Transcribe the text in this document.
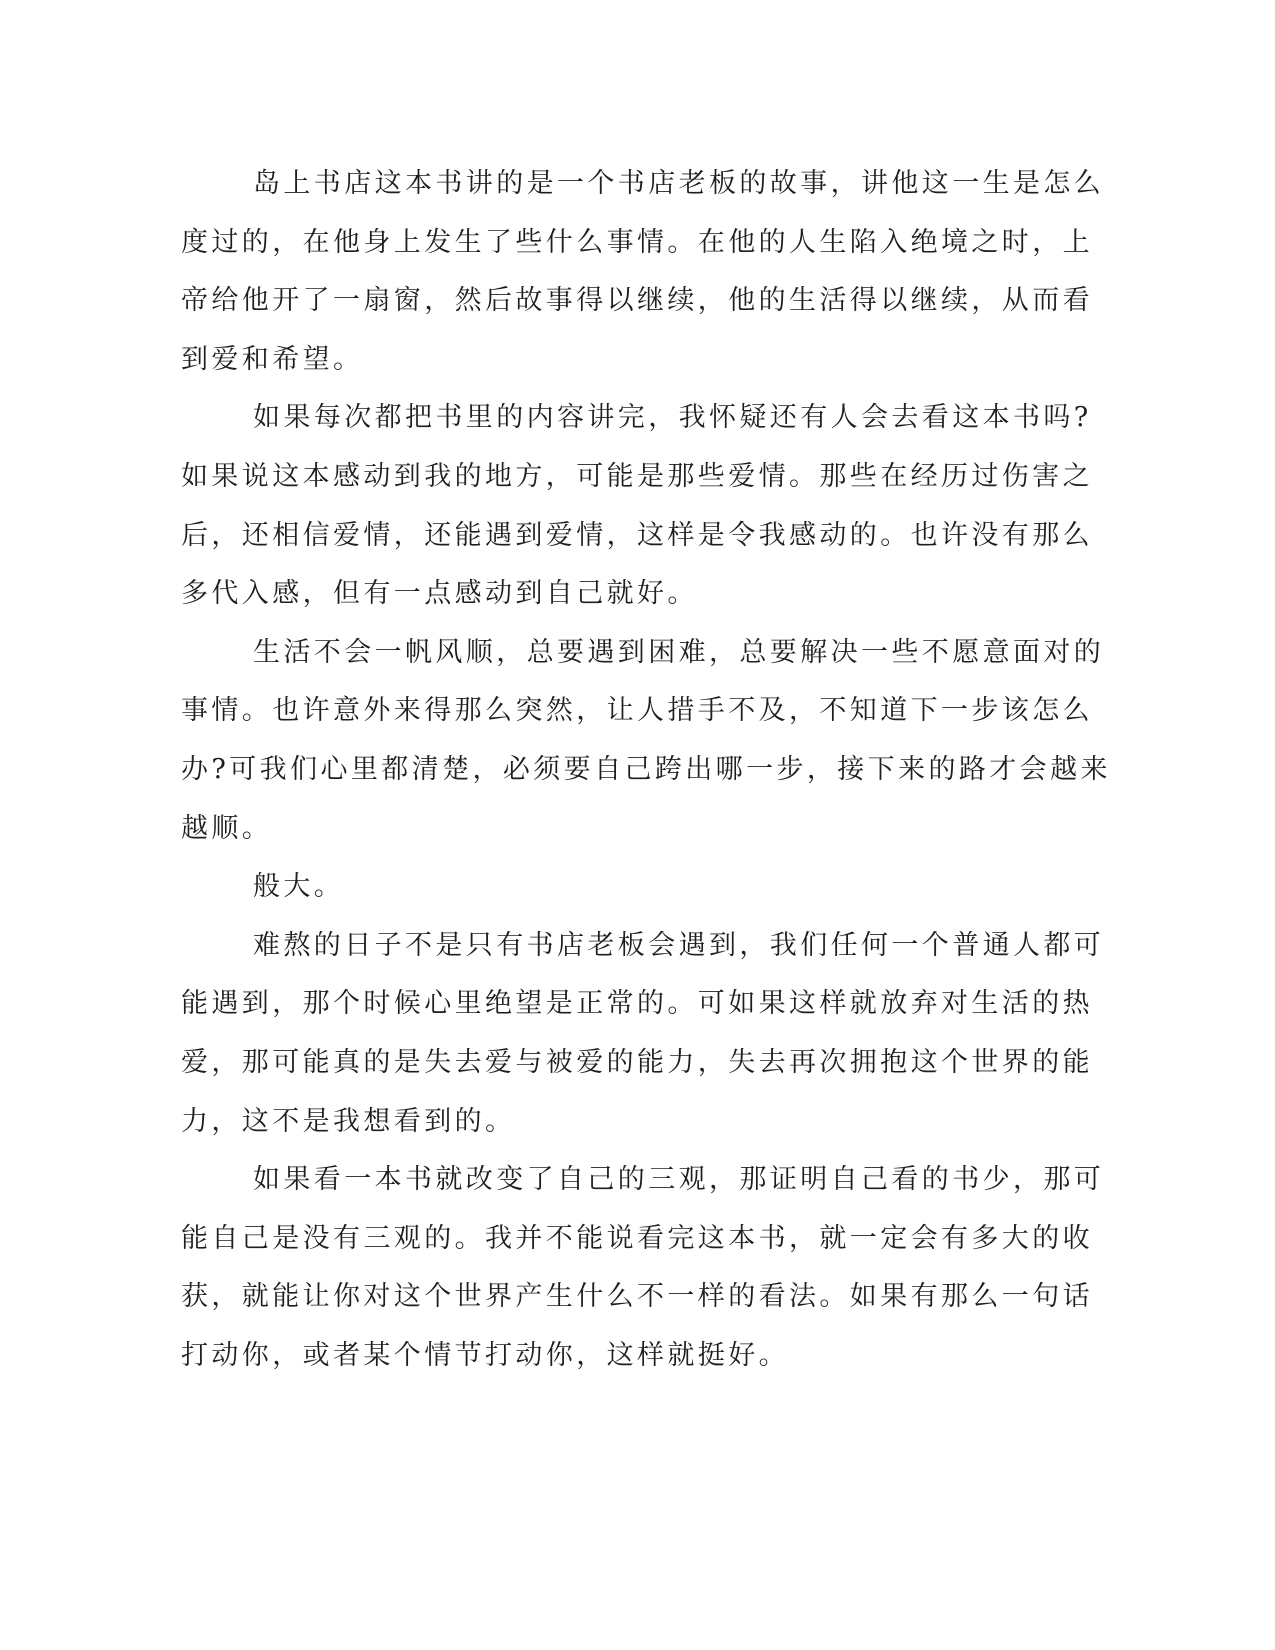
岛上书店这本书讲的是一个书店老板的故事，讲他这一生是怎么
度过的，在他身上发生了些什么事情。在他的人生陷入绝境之时，上
帝给他开了一扇窗，然后故事得以继续，他的生活得以继续，从而看
到爱和希望。
如果每次都把书里的内容讲完，我怀疑还有人会去看这本书吗?
如果说这本感动到我的地方，可能是那些爱情。那些在经历过伤害之
后，还相信爱情，还能遇到爱情，这样是令我感动的。也许没有那么
多代入感，但有一点感动到自己就好。
生活不会一帆风顺，总要遇到困难，总要解决一些不愿意面对的
事情。也许意外来得那么突然，让人措手不及，不知道下一步该怎么
办?可我们心里都清楚，必须要自己跨出哪一步，接下来的路才会越来
越顺。
般大。
难熬的日子不是只有书店老板会遇到，我们任何一个普通人都可
能遇到，那个时候心里绝望是正常的。可如果这样就放弃对生活的热
爱，那可能真的是失去爱与被爱的能力，失去再次拥抱这个世界的能
力，这不是我想看到的。
如果看一本书就改变了自己的三观，那证明自己看的书少，那可
能自己是没有三观的。我并不能说看完这本书，就一定会有多大的收
获，就能让你对这个世界产生什么不一样的看法。如果有那么一句话
打动你，或者某个情节打动你，这样就挺好。
